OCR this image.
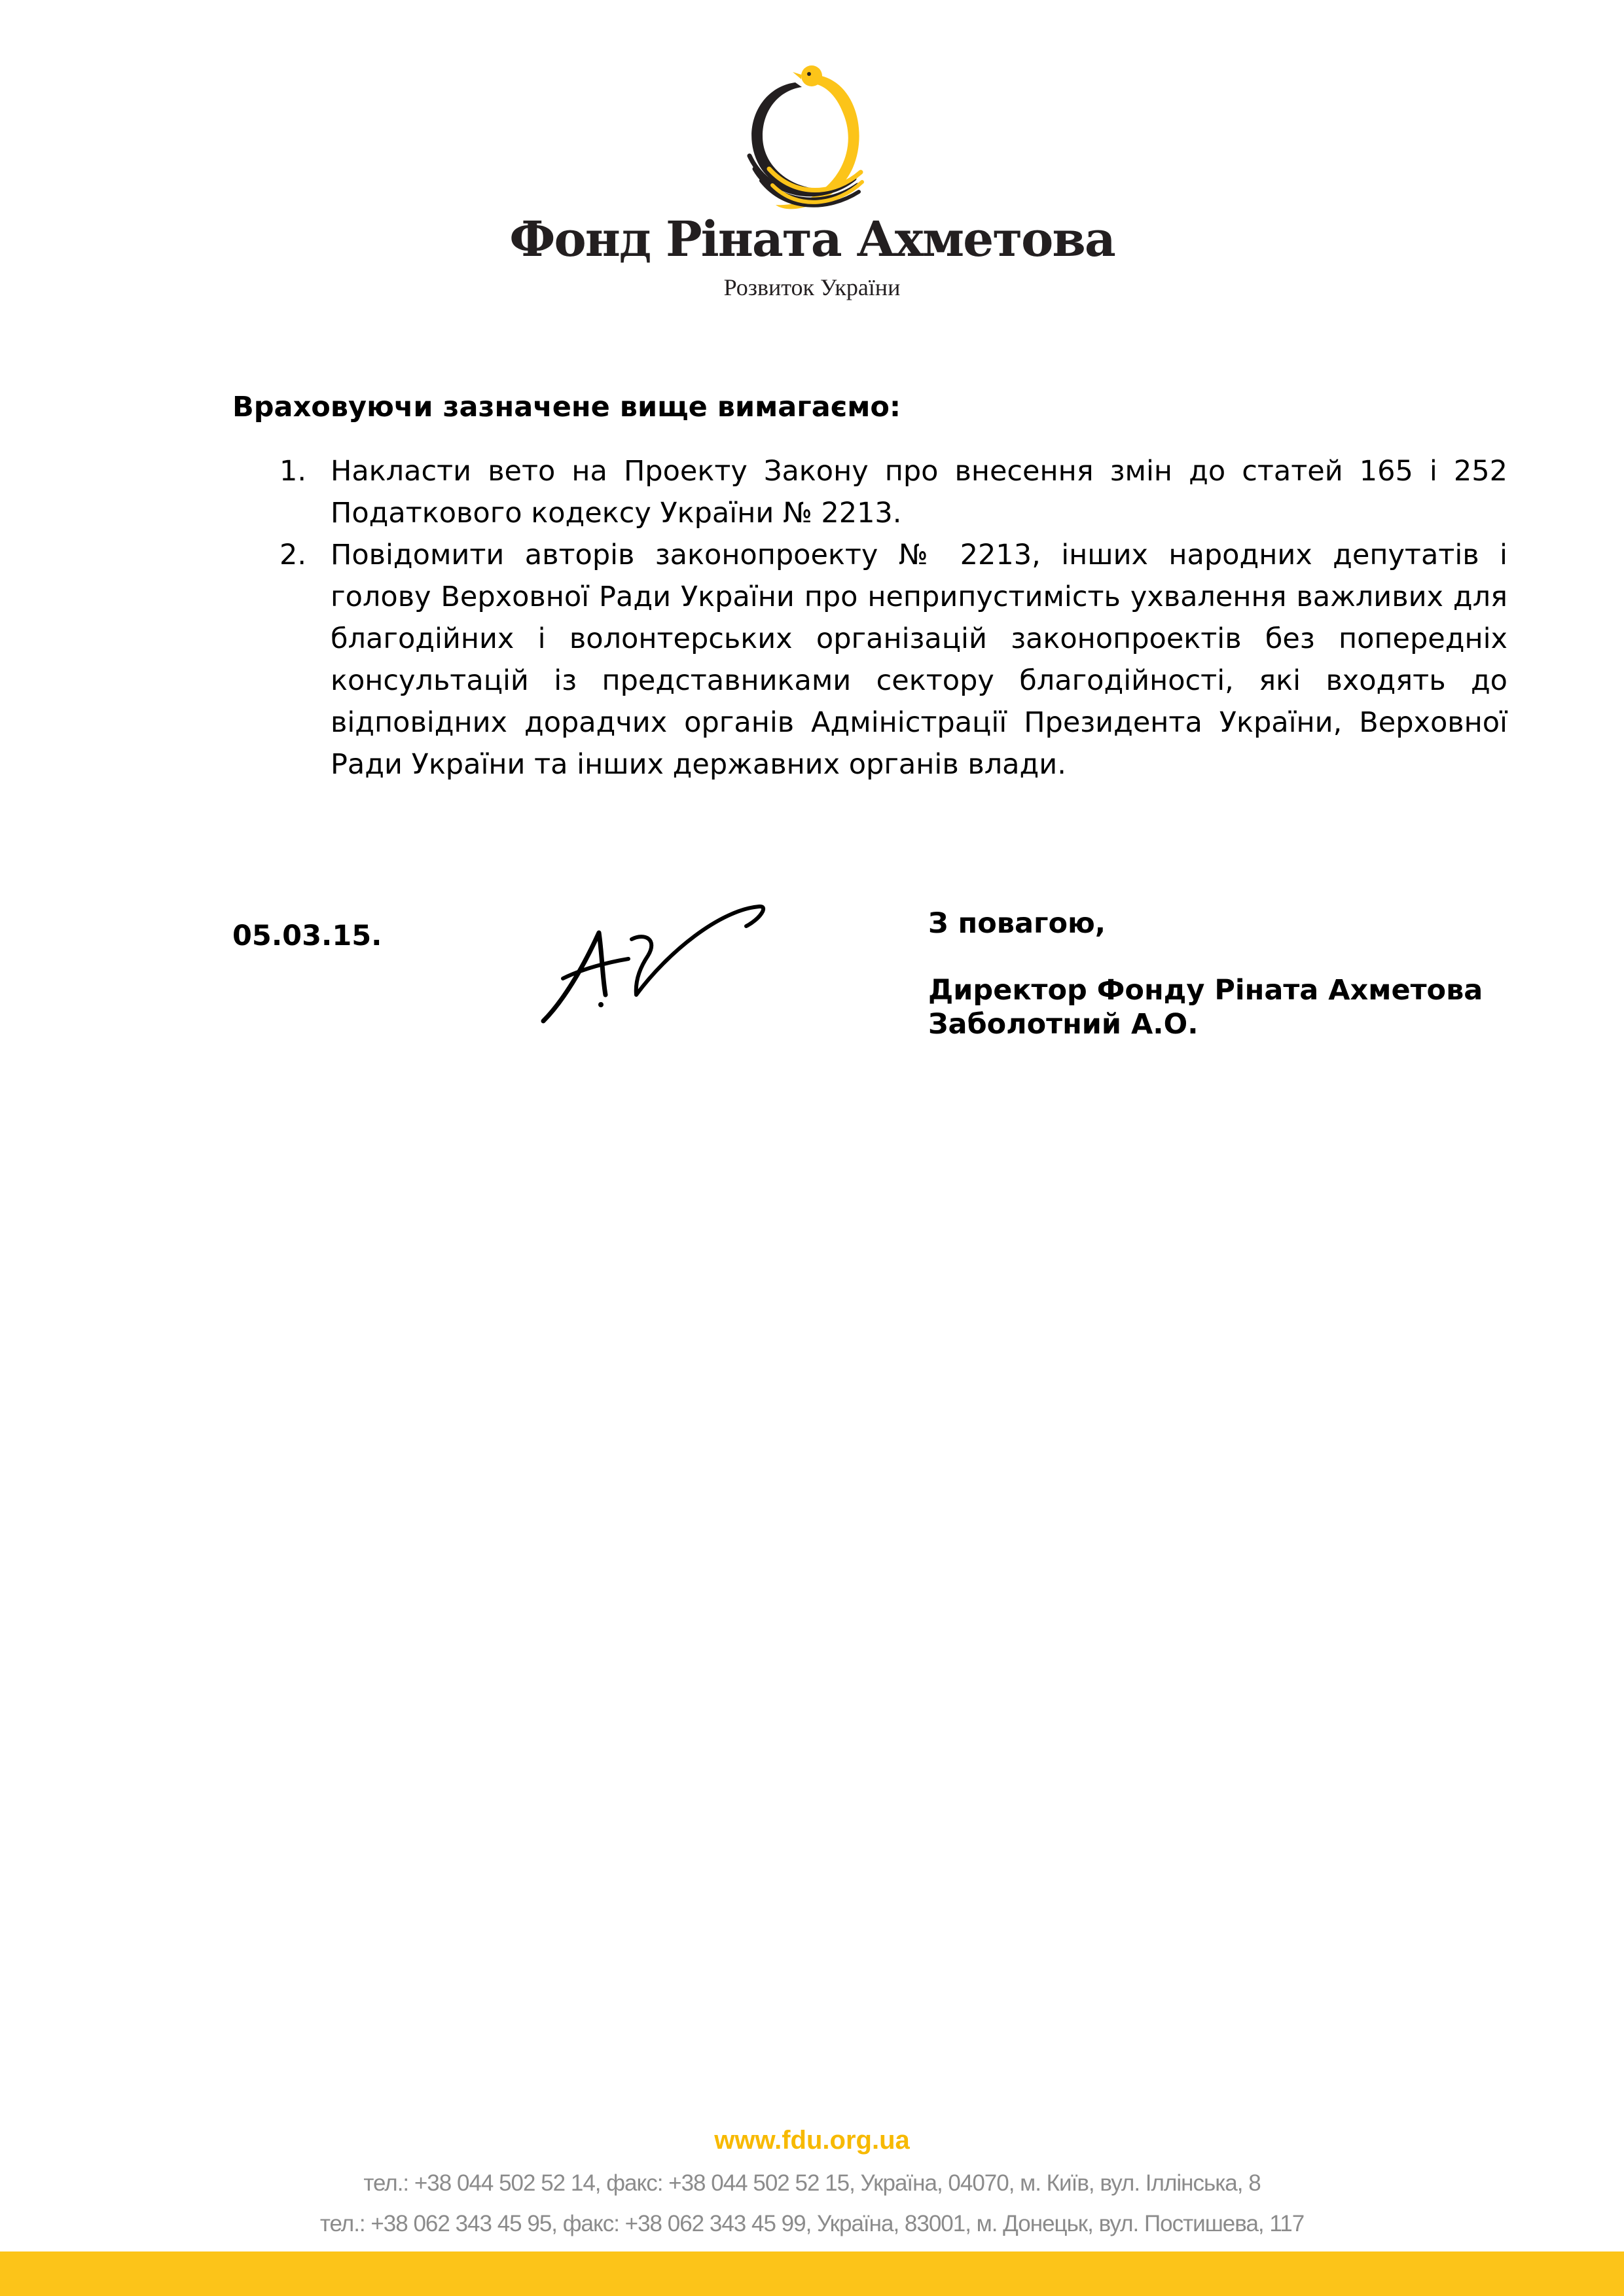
Фонд Ріната Ахметова
Розвиток України

Враховуючи зазначене вище вимагаємо:

1. Накласти вето на Проекту Закону про внесення змін до статей 165 і 252 Податкового кодексу України № 2213.
2. Повідомити авторів законопроекту № 2213, інших народних депутатів і голову Верховної Ради України про неприпустимість ухвалення важливих для благодійних і волонтерських організацій законопроектів без попередніх консультацій із представниками сектору благодійності, які входять до відповідних дорадчих органів Адміністрації Президента України, Верховної Ради України та інших державних органів влади.
05.03.15.	З повагою,
Директор Фонду Ріната Ахметова
Заболотний А.О.
www.fdu.org.ua
тел.: +38 044 502 52 14, факс: +38 044 502 52 15, Україна, 04070, м. Київ, вул. Іллінська, 8
тел.: +38 062 343 45 95, факс: +38 062 343 45 99, Україна, 83001, м. Донецьк, вул. Постишева, 117
